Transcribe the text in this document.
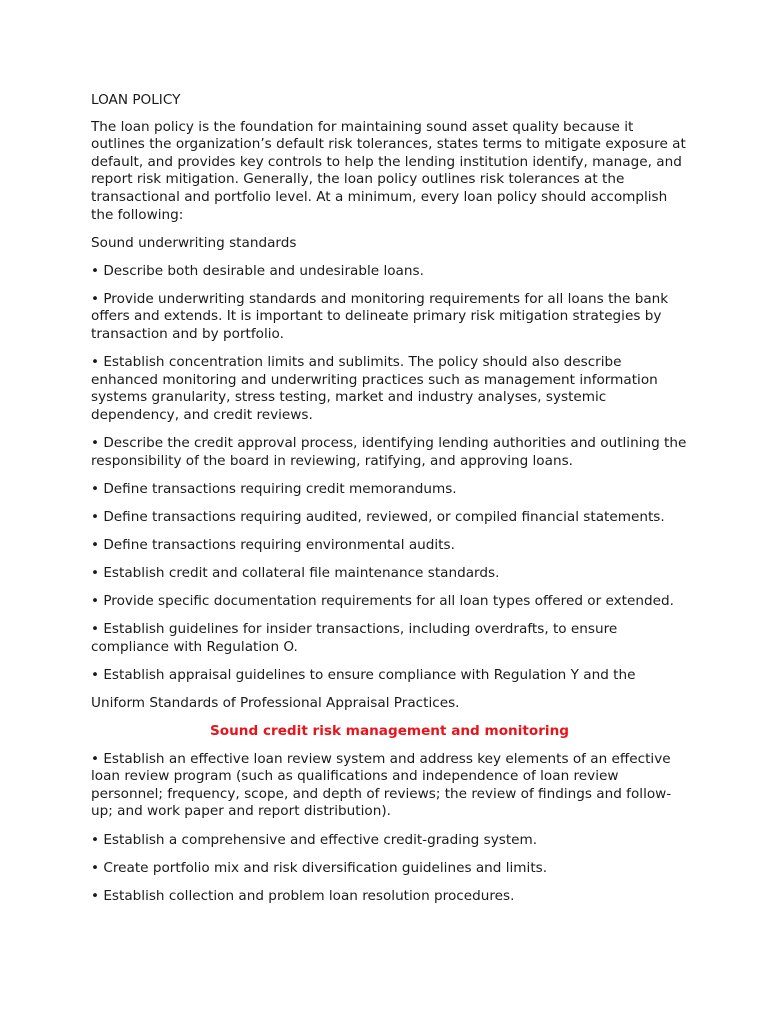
LOAN POLICY

The loan policy is the foundation for maintaining sound asset quality because it outlines the organization’s default risk tolerances, states terms to mitigate exposure at default, and provides key controls to help the lending institution identify, manage, and report risk mitigation. Generally, the loan policy outlines risk tolerances at the transactional and portfolio level. At a minimum, every loan policy should accomplish the following:

Sound underwriting standards

• Describe both desirable and undesirable loans.

• Provide underwriting standards and monitoring requirements for all loans the bank offers and extends. It is important to delineate primary risk mitigation strategies by transaction and by portfolio.

• Establish concentration limits and sublimits. The policy should also describe enhanced monitoring and underwriting practices such as management information systems granularity, stress testing, market and industry analyses, systemic dependency, and credit reviews.

• Describe the credit approval process, identifying lending authorities and outlining the responsibility of the board in reviewing, ratifying, and approving loans.

• Define transactions requiring credit memorandums.

• Define transactions requiring audited, reviewed, or compiled financial statements.

• Define transactions requiring environmental audits.

• Establish credit and collateral file maintenance standards.

• Provide specific documentation requirements for all loan types offered or extended.

• Establish guidelines for insider transactions, including overdrafts, to ensure compliance with Regulation O.

• Establish appraisal guidelines to ensure compliance with Regulation Y and the

Uniform Standards of Professional Appraisal Practices.

Sound credit risk management and monitoring

• Establish an effective loan review system and address key elements of an effective loan review program (such as qualifications and independence of loan review personnel; frequency, scope, and depth of reviews; the review of findings and follow-up; and work paper and report distribution).

• Establish a comprehensive and effective credit-grading system.

• Create portfolio mix and risk diversification guidelines and limits.

• Establish collection and problem loan resolution procedures.
